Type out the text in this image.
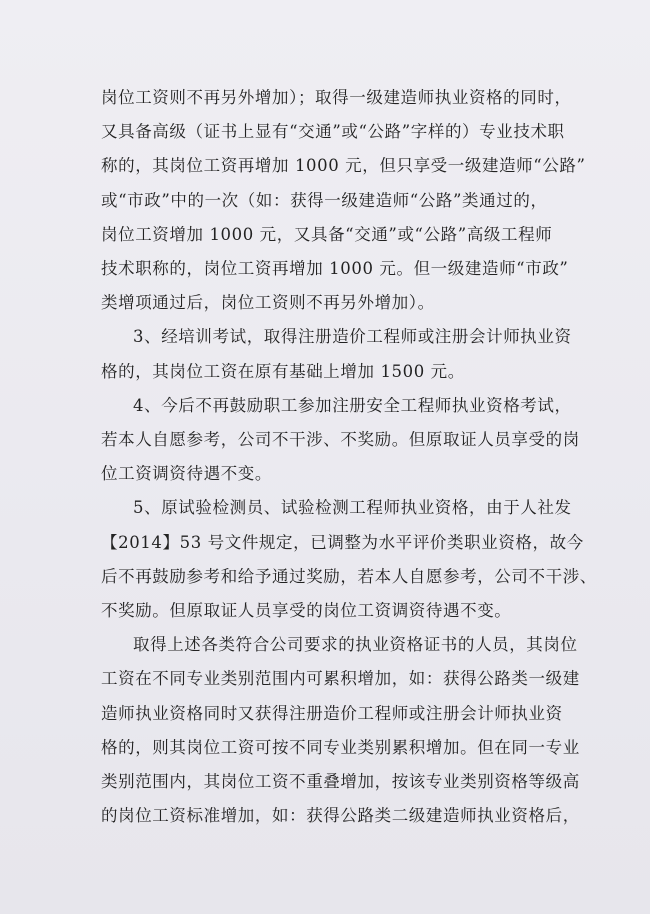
岗位工资则不再另外增加）；取得一级建造师执业资格的同时，
又具备高级（证书上显有“交通”或“公路”字样的）专业技术职
称的，其岗位工资再增加 1000 元，但只享受一级建造师“公路”
或“市政”中的一次（如：获得一级建造师“公路”类通过的，
岗位工资增加 1000 元，又具备“交通”或“公路”高级工程师
技术职称的，岗位工资再增加 1000 元。但一级建造师“市政”
类增项通过后，岗位工资则不再另外增加）。
3、经培训考试，取得注册造价工程师或注册会计师执业资
格的，其岗位工资在原有基础上增加 1500 元。
4、今后不再鼓励职工参加注册安全工程师执业资格考试，
若本人自愿参考，公司不干涉、不奖励。但原取证人员享受的岗
位工资调资待遇不变。
5、原试验检测员、试验检测工程师执业资格，由于人社发
【2014】53 号文件规定，已调整为水平评价类职业资格，故今
后不再鼓励参考和给予通过奖励，若本人自愿参考，公司不干涉、
不奖励。但原取证人员享受的岗位工资调资待遇不变。
取得上述各类符合公司要求的执业资格证书的人员，其岗位
工资在不同专业类别范围内可累积增加，如：获得公路类一级建
造师执业资格同时又获得注册造价工程师或注册会计师执业资
格的，则其岗位工资可按不同专业类别累积增加。但在同一专业
类别范围内，其岗位工资不重叠增加，按该专业类别资格等级高
的岗位工资标准增加，如：获得公路类二级建造师执业资格后，
